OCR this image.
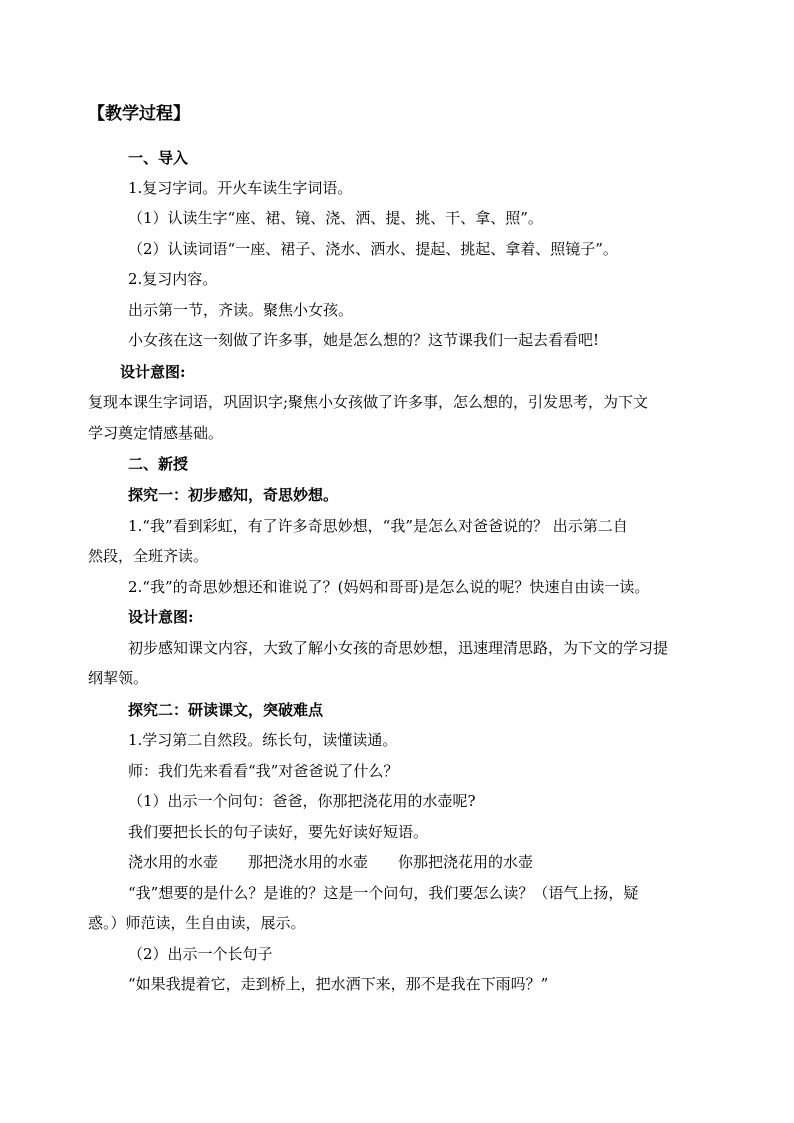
【教学过程】
一、导入
1.复习字词。开火车读生字词语。
（1）认读生字“座、裙、镜、浇、洒、提、挑、干、拿、照”。
（2）认读词语“一座、裙子、浇水、洒水、提起、挑起、拿着、照镜子”。
2.复习内容。
出示第一节，齐读。聚焦小女孩。
小女孩在这一刻做了许多事，她是怎么想的？这节课我们一起去看看吧!
设计意图:
复现本课生字词语，巩固识字;聚焦小女孩做了许多事，怎么想的，引发思考，为下文
学习奠定情感基础。
二、新授
探究一：初步感知，奇思妙想。
1.“我”看到彩虹，有了许多奇思妙想，“我”是怎么对爸爸说的？ 出示第二自
然段，全班齐读。
2.“我”的奇思妙想还和谁说了？(妈妈和哥哥)是怎么说的呢？快速自由读一读。
设计意图:
初步感知课文内容，大致了解小女孩的奇思妙想，迅速理清思路，为下文的学习提
纲挈领。
探究二：研读课文，突破难点
1.学习第二自然段。练长句，读懂读通。
师：我们先来看看“我”对爸爸说了什么？
（1）出示一个问句：爸爸，你那把浇花用的水壶呢?
我们要把长长的句子读好，要先好读好短语。
浇水用的水壶 那把浇水用的水壶 你那把浇花用的水壶
“我”想要的是什么？是谁的？这是一个问句，我们要怎么读？（语气上扬，疑
惑。）师范读，生自由读，展示。
（2）出示一个长句子
“如果我提着它，走到桥上，把水洒下来，那不是我在下雨吗？”
